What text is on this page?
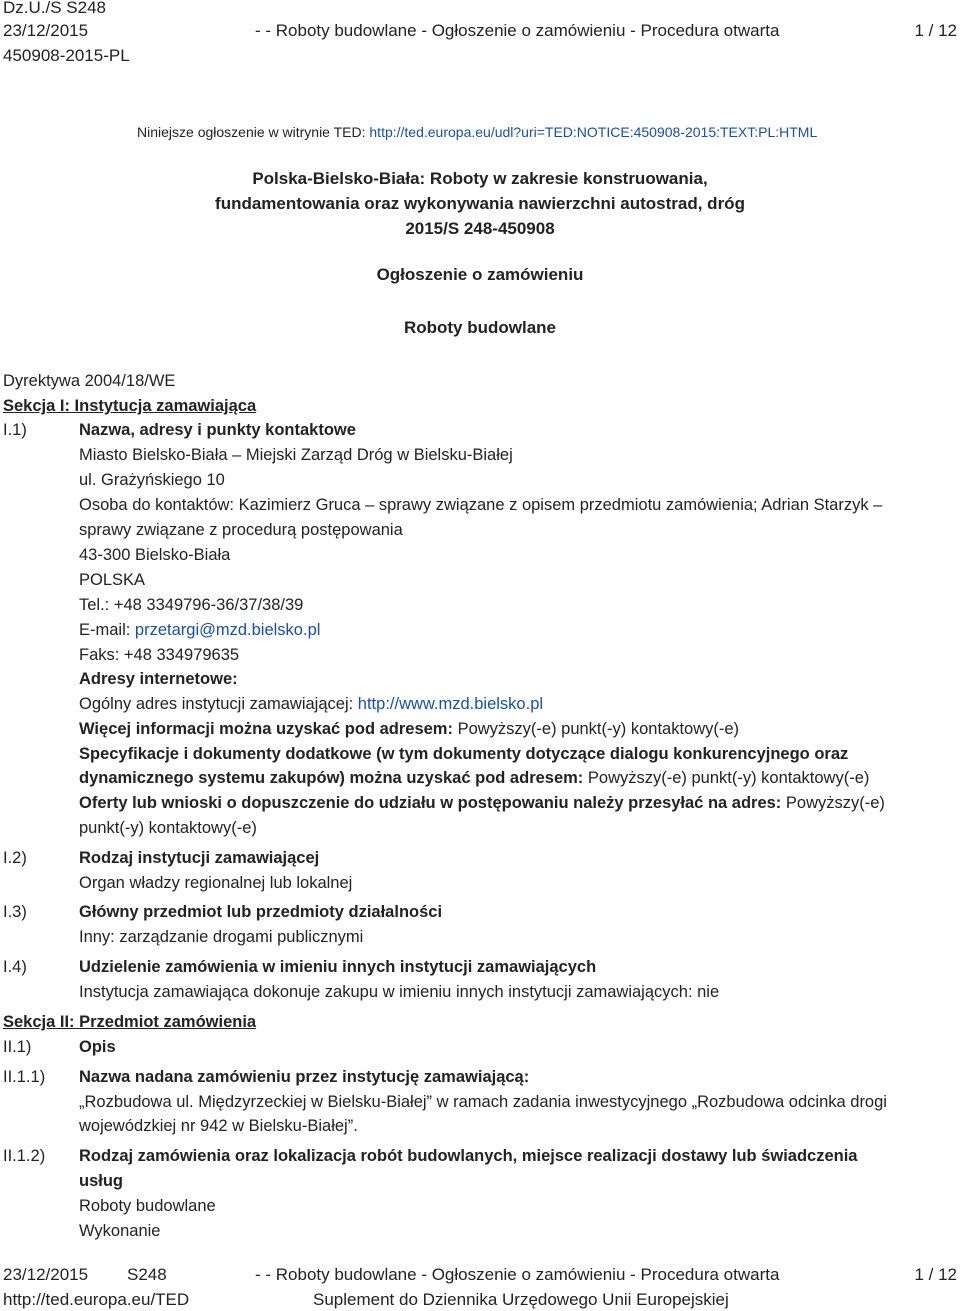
Dz.U./S S248
23/12/2015
450908-2015-PL
- - Roboty budowlane - Ogłoszenie o zamówieniu - Procedura otwarta	1 / 12
Niniejsze ogłoszenie w witrynie TED: http://ted.europa.eu/udl?uri=TED:NOTICE:450908-2015:TEXT:PL:HTML
Polska-Bielsko-Biała: Roboty w zakresie konstruowania,
fundamentowania oraz wykonywania nawierzchni autostrad, dróg
2015/S 248-450908
Ogłoszenie o zamówieniu
Roboty budowlane
Dyrektywa 2004/18/WE
Sekcja I: Instytucja zamawiająca
I.1)	Nazwa, adresy i punkty kontaktowe
Miasto Bielsko-Biała – Miejski Zarząd Dróg w Bielsku-Białej
ul. Grażyńskiego 10
Osoba do kontaktów: Kazimierz Gruca – sprawy związane z opisem przedmiotu zamówienia; Adrian Starzyk –
sprawy związane z procedurą postępowania
43-300 Bielsko-Biała
POLSKA
Tel.: +48 3349796-36/37/38/39
E-mail: przetargi@mzd.bielsko.pl
Faks: +48 334979635
Adresy internetowe:
Ogólny adres instytucji zamawiającej: http://www.mzd.bielsko.pl
Więcej informacji można uzyskać pod adresem: Powyższy(-e) punkt(-y) kontaktowy(-e)
Specyfikacje i dokumenty dodatkowe (w tym dokumenty dotyczące dialogu konkurencyjnego oraz
dynamicznego systemu zakupów) można uzyskać pod adresem: Powyższy(-e) punkt(-y) kontaktowy(-e)
Oferty lub wnioski o dopuszczenie do udziału w postępowaniu należy przesyłać na adres: Powyższy(-e)
punkt(-y) kontaktowy(-e)
I.2)	Rodzaj instytucji zamawiającej
Organ władzy regionalnej lub lokalnej
I.3)	Główny przedmiot lub przedmioty działalności
Inny: zarządzanie drogami publicznymi
I.4)	Udzielenie zamówienia w imieniu innych instytucji zamawiających
Instytucja zamawiająca dokonuje zakupu w imieniu innych instytucji zamawiających: nie
Sekcja II: Przedmiot zamówienia
II.1)	Opis
II.1.1) Nazwa nadana zamówieniu przez instytucję zamawiającą:
„Rozbudowa ul. Międzyrzeckiej w Bielsku-Białej” w ramach zadania inwestycyjnego „Rozbudowa odcinka drogi
wojewódzkiej nr 942 w Bielsku-Białej”.
II.1.2) Rodzaj zamówienia oraz lokalizacja robót budowlanych, miejsce realizacji dostawy lub świadczenia
usług
Roboty budowlane
Wykonanie
23/12/2015 S248
http://ted.europa.eu/TED
- - Roboty budowlane - Ogłoszenie o zamówieniu - Procedura otwarta
Suplement do Dziennika Urzędowego Unii Europejskiej
1 / 12
